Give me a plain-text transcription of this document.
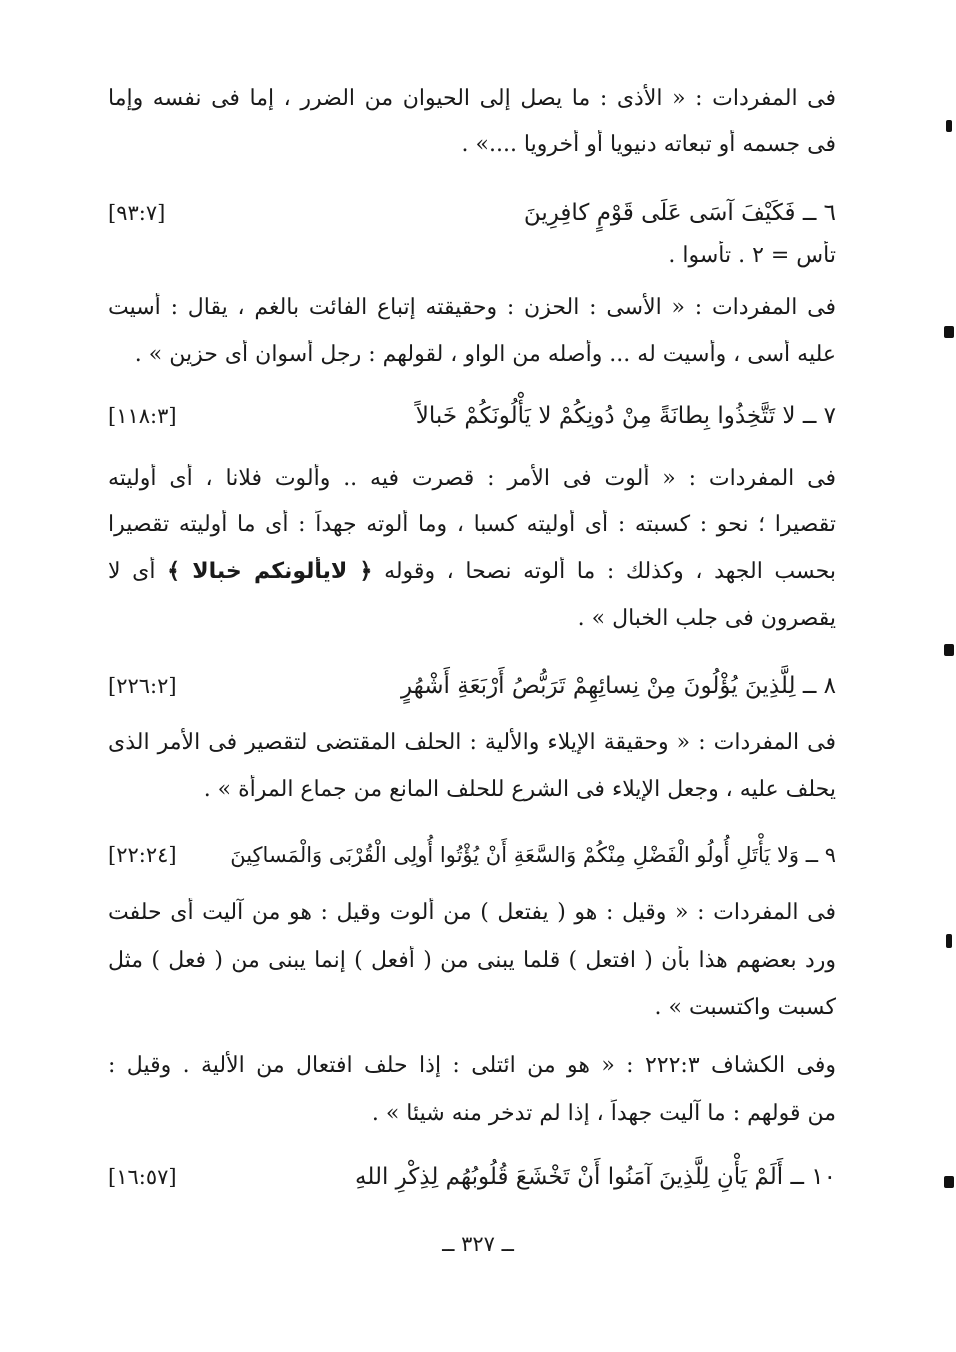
فى المفردات : « الأذى : ما يصل إلى الحيوان من الضرر ، إما فى نفسه وإما
فى جسمه أو تبعاته دنيويا أو أخرويا ....» .
٦ ــ فَكَيْفَ آسَى عَلَى قَوْمٍ كافِرِينَ
[٩٣:٧]
تأس = ٢ . تأسوا .
فى المفردات : « الأسى : الحزن : وحقيقته إتباع الفائت بالغم ، يقال : أسيت
عليه أسى ، وأسيت له ... وأصله من الواو ، لقولهم : رجل أسوان أى حزين » .
٧ ــ لا تَتَّخِذُوا بِطانَةً مِنْ دُونِكُمْ لا يَأْلُونَكُمْ خَبالاً
[١١٨:٣]
فى المفردات : « ألوت فى الأمر : قصرت فيه .. وألوت فلانا ، أى أوليته
تقصيرا ؛ نحو : كسبته : أى أوليته كسبا ، وما ألوته جهداً : أى ما أوليته تقصيرا
بحسب الجهد ، وكذلك : ما ألوته نصحا ، وقوله ﴿ لايألونكم خبالا ﴾ أى لا
يقصرون فى جلب الخبال » .
٨ ــ لِلَّذِينَ يُؤْلُونَ مِنْ نِسائِهِمْ تَرَبُّصُ أَرْبَعَةِ أَشْهُرٍ
[٢٢٦:٢]
فى المفردات : « وحقيقة الإيلاء والألية : الحلف المقتضى لتقصير فى الأمر الذى
يحلف عليه ، وجعل الإيلاء فى الشرع للحلف المانع من جماع المرأة » .
٩ ــ وَلا يَأْتَلِ أُولُو الْفَضْلِ مِنْكُمْ وَالسَّعَةِ أَنْ يُؤْتُوا أُولِى الْقُرْبَى وَالْمَساكِينَ
[٢٢:٢٤]
فى المفردات : « وقيل : هو ( يفتعل ) من ألوت وقيل : هو من آليت أى حلفت
ورد بعضهم هذا بأن ( افتعل ) قلما يبنى من ( أفعل ) إنما يبنى من ( فعل ) مثل
كسبت واكتسبت » .
وفى الكشاف ٢٢٢:٣ : « هو من ائتلى : إذا حلف افتعال من الألية . وقيل :
من قولهم : ما آليت جهداً ، إذا لم تدخر منه شيئا » .
١٠ ــ أَلَمْ يَأْنِ لِلَّذِينَ آمَنُوا أَنْ تَخْشَعَ قُلُوبُهُم لِذِكْرِ اللهِ
[١٦:٥٧]
ــ ٣٢٧ ــ
